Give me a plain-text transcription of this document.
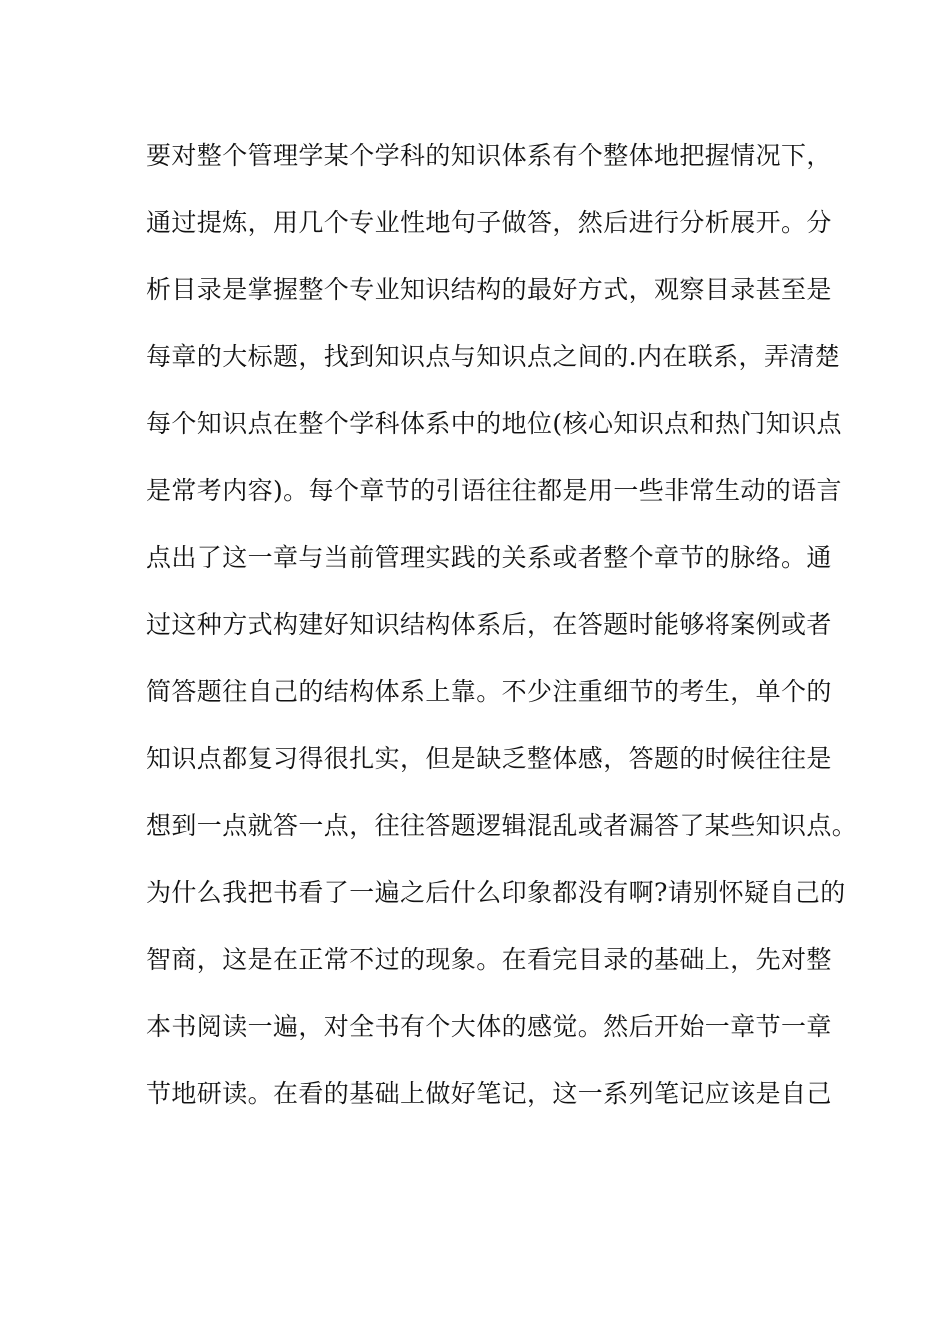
要对整个管理学某个学科的知识体系有个整体地把握情况下，
通过提炼，用几个专业性地句子做答，然后进行分析展开。分
析目录是掌握整个专业知识结构的最好方式，观察目录甚至是
每章的大标题，找到知识点与知识点之间的.内在联系，弄清楚
每个知识点在整个学科体系中的地位(核心知识点和热门知识点
是常考内容)。每个章节的引语往往都是用一些非常生动的语言
点出了这一章与当前管理实践的关系或者整个章节的脉络。通
过这种方式构建好知识结构体系后，在答题时能够将案例或者
简答题往自己的结构体系上靠。不少注重细节的考生，单个的
知识点都复习得很扎实，但是缺乏整体感，答题的时候往往是
想到一点就答一点，往往答题逻辑混乱或者漏答了某些知识点。
为什么我把书看了一遍之后什么印象都没有啊?请别怀疑自己的
智商，这是在正常不过的现象。在看完目录的基础上，先对整
本书阅读一遍，对全书有个大体的感觉。然后开始一章节一章
节地研读。在看的基础上做好笔记，这一系列笔记应该是自己
